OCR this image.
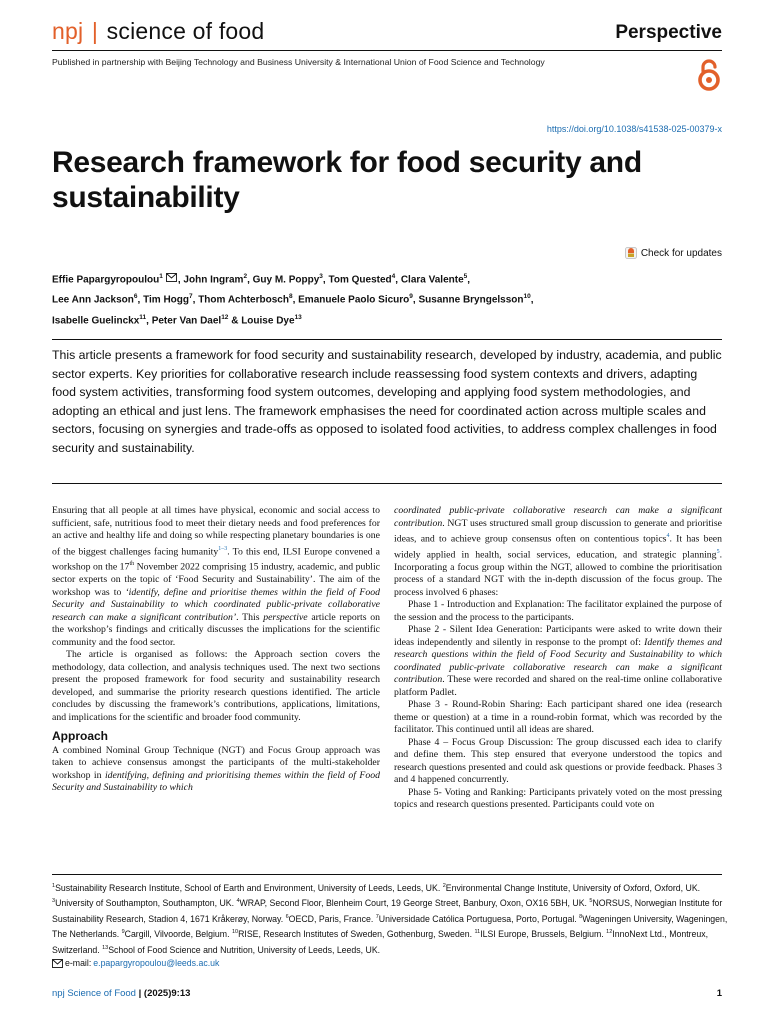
npj | science of food	Perspective
Published in partnership with Beijing Technology and Business University & International Union of Food Science and Technology
https://doi.org/10.1038/s41538-025-00379-x
Research framework for food security and sustainability
Check for updates
Effie Papargyropoulou$^1$ , John Ingram$^2$, Guy M. Poppy$^3$, Tom Quested$^4$, Clara Valente$^5$,
Lee Ann Jackson$^6$, Tim Hogg$^7$, Thom Achterbosch$^8$, Emanuele Paolo Sicuro$^9$, Susanne Bryngelsson$^{10}$,
Isabelle Guelinckx$^{11}$, Peter Van Dael$^{12}$ & Louise Dye$^{13}$

This article presents a framework for food security and sustainability research, developed by industry, academia, and public sector experts. Key priorities for collaborative research include reassessing food system contexts and drivers, adapting food system activities, transforming food system outcomes, developing and applying food system methodologies, and adopting an ethical and just lens. The framework emphasises the need for coordinated action across multiple scales and sectors, focusing on synergies and trade-offs as opposed to isolated food activities, to address complex challenges in food security and sustainability.

Ensuring that all people at all times have physical, economic and social access to sufficient, safe, nutritious food to meet their dietary needs and food preferences for an active and healthy life and doing so while respecting planetary boundaries is one of the biggest challenges facing humanity$^{1-3}$. To this end, ILSI Europe convened a workshop on the 17th November 2022 comprising 15 industry, academic, and public sector experts on the topic of ‘Food Security and Sustainability’. The aim of the workshop was to ‘identify, define and prioritise themes within the field of Food Security and Sustainability to which coordinated public-private collaborative research can make a significant contribution’. This perspective article reports on the workshop’s findings and critically discusses the implications for the scientific community and the food sector.

The article is organised as follows: the Approach section covers the methodology, data collection, and analysis techniques used. The next two sections present the proposed framework for food security and sustainability research developed, and summarise the priority research questions identified. The article concludes by discussing the framework’s contributions, applications, limitations, and implications for the scientific and broader food community.

Approach

A combined Nominal Group Technique (NGT) and Focus Group approach was taken to achieve consensus amongst the participants of the multi-stakeholder workshop in identifying, defining and prioritising themes within the field of Food Security and Sustainability to which

coordinated public-private collaborative research can make a significant contribution. NGT uses structured small group discussion to generate and prioritise ideas, and to achieve group consensus often on contentious topics$^4$. It has been widely applied in health, social services, education, and strategic planning$^5$. Incorporating a focus group within the NGT, allowed to combine the prioritisation process of a standard NGT with the in-depth discussion of the focus group. The process involved 6 phases:

Phase 1 - Introduction and Explanation: The facilitator explained the purpose of the session and the process to the participants.

Phase 2 - Silent Idea Generation: Participants were asked to write down their ideas independently and silently in response to the prompt of: Identify themes and research questions within the field of Food Security and Sustainability to which coordinated public-private collaborative research can make a significant contribution. These were recorded and shared on the real-time online collaborative platform Padlet.

Phase 3 - Round-Robin Sharing: Each participant shared one idea (research theme or question) at a time in a round-robin format, which was recorded by the facilitator. This continued until all ideas are shared.

Phase 4 – Focus Group Discussion: The group discussed each idea to clarify and define them. This step ensured that everyone understood the topics and research questions presented and could ask questions or provide feedback. Phases 3 and 4 happened concurrently.

Phase 5- Voting and Ranking: Participants privately voted on the most pressing topics and research questions presented. Participants could vote on

$^1$Sustainability Research Institute, School of Earth and Environment, University of Leeds, Leeds, UK. $^2$Environmental Change Institute, University of Oxford, Oxford, UK. $^3$University of Southampton, Southampton, UK. $^4$WRAP, Second Floor, Blenheim Court, 19 George Street, Banbury, Oxon, OX16 5BH, UK. $^5$NORSUS, Norwegian Institute for Sustainability Research, Stadion 4, 1671 Kråkerøy, Norway. $^6$OECD, Paris, France. $^7$Universidade Católica Portuguesa, Porto, Portugal. $^8$Wageningen University, Wageningen, The Netherlands. $^9$Cargill, Vilvoorde, Belgium. $^{10}$RISE, Research Institutes of Sweden, Gothenburg, Sweden. $^{11}$ILSI Europe, Brussels, Belgium. $^{12}$InnoNext Ltd., Montreux, Switzerland. $^{13}$School of Food Science and Nutrition, University of Leeds, Leeds, UK.
e-mail: e.papargyropoulou@leeds.ac.uk
npj Science of Food | (2025)9:13	1
